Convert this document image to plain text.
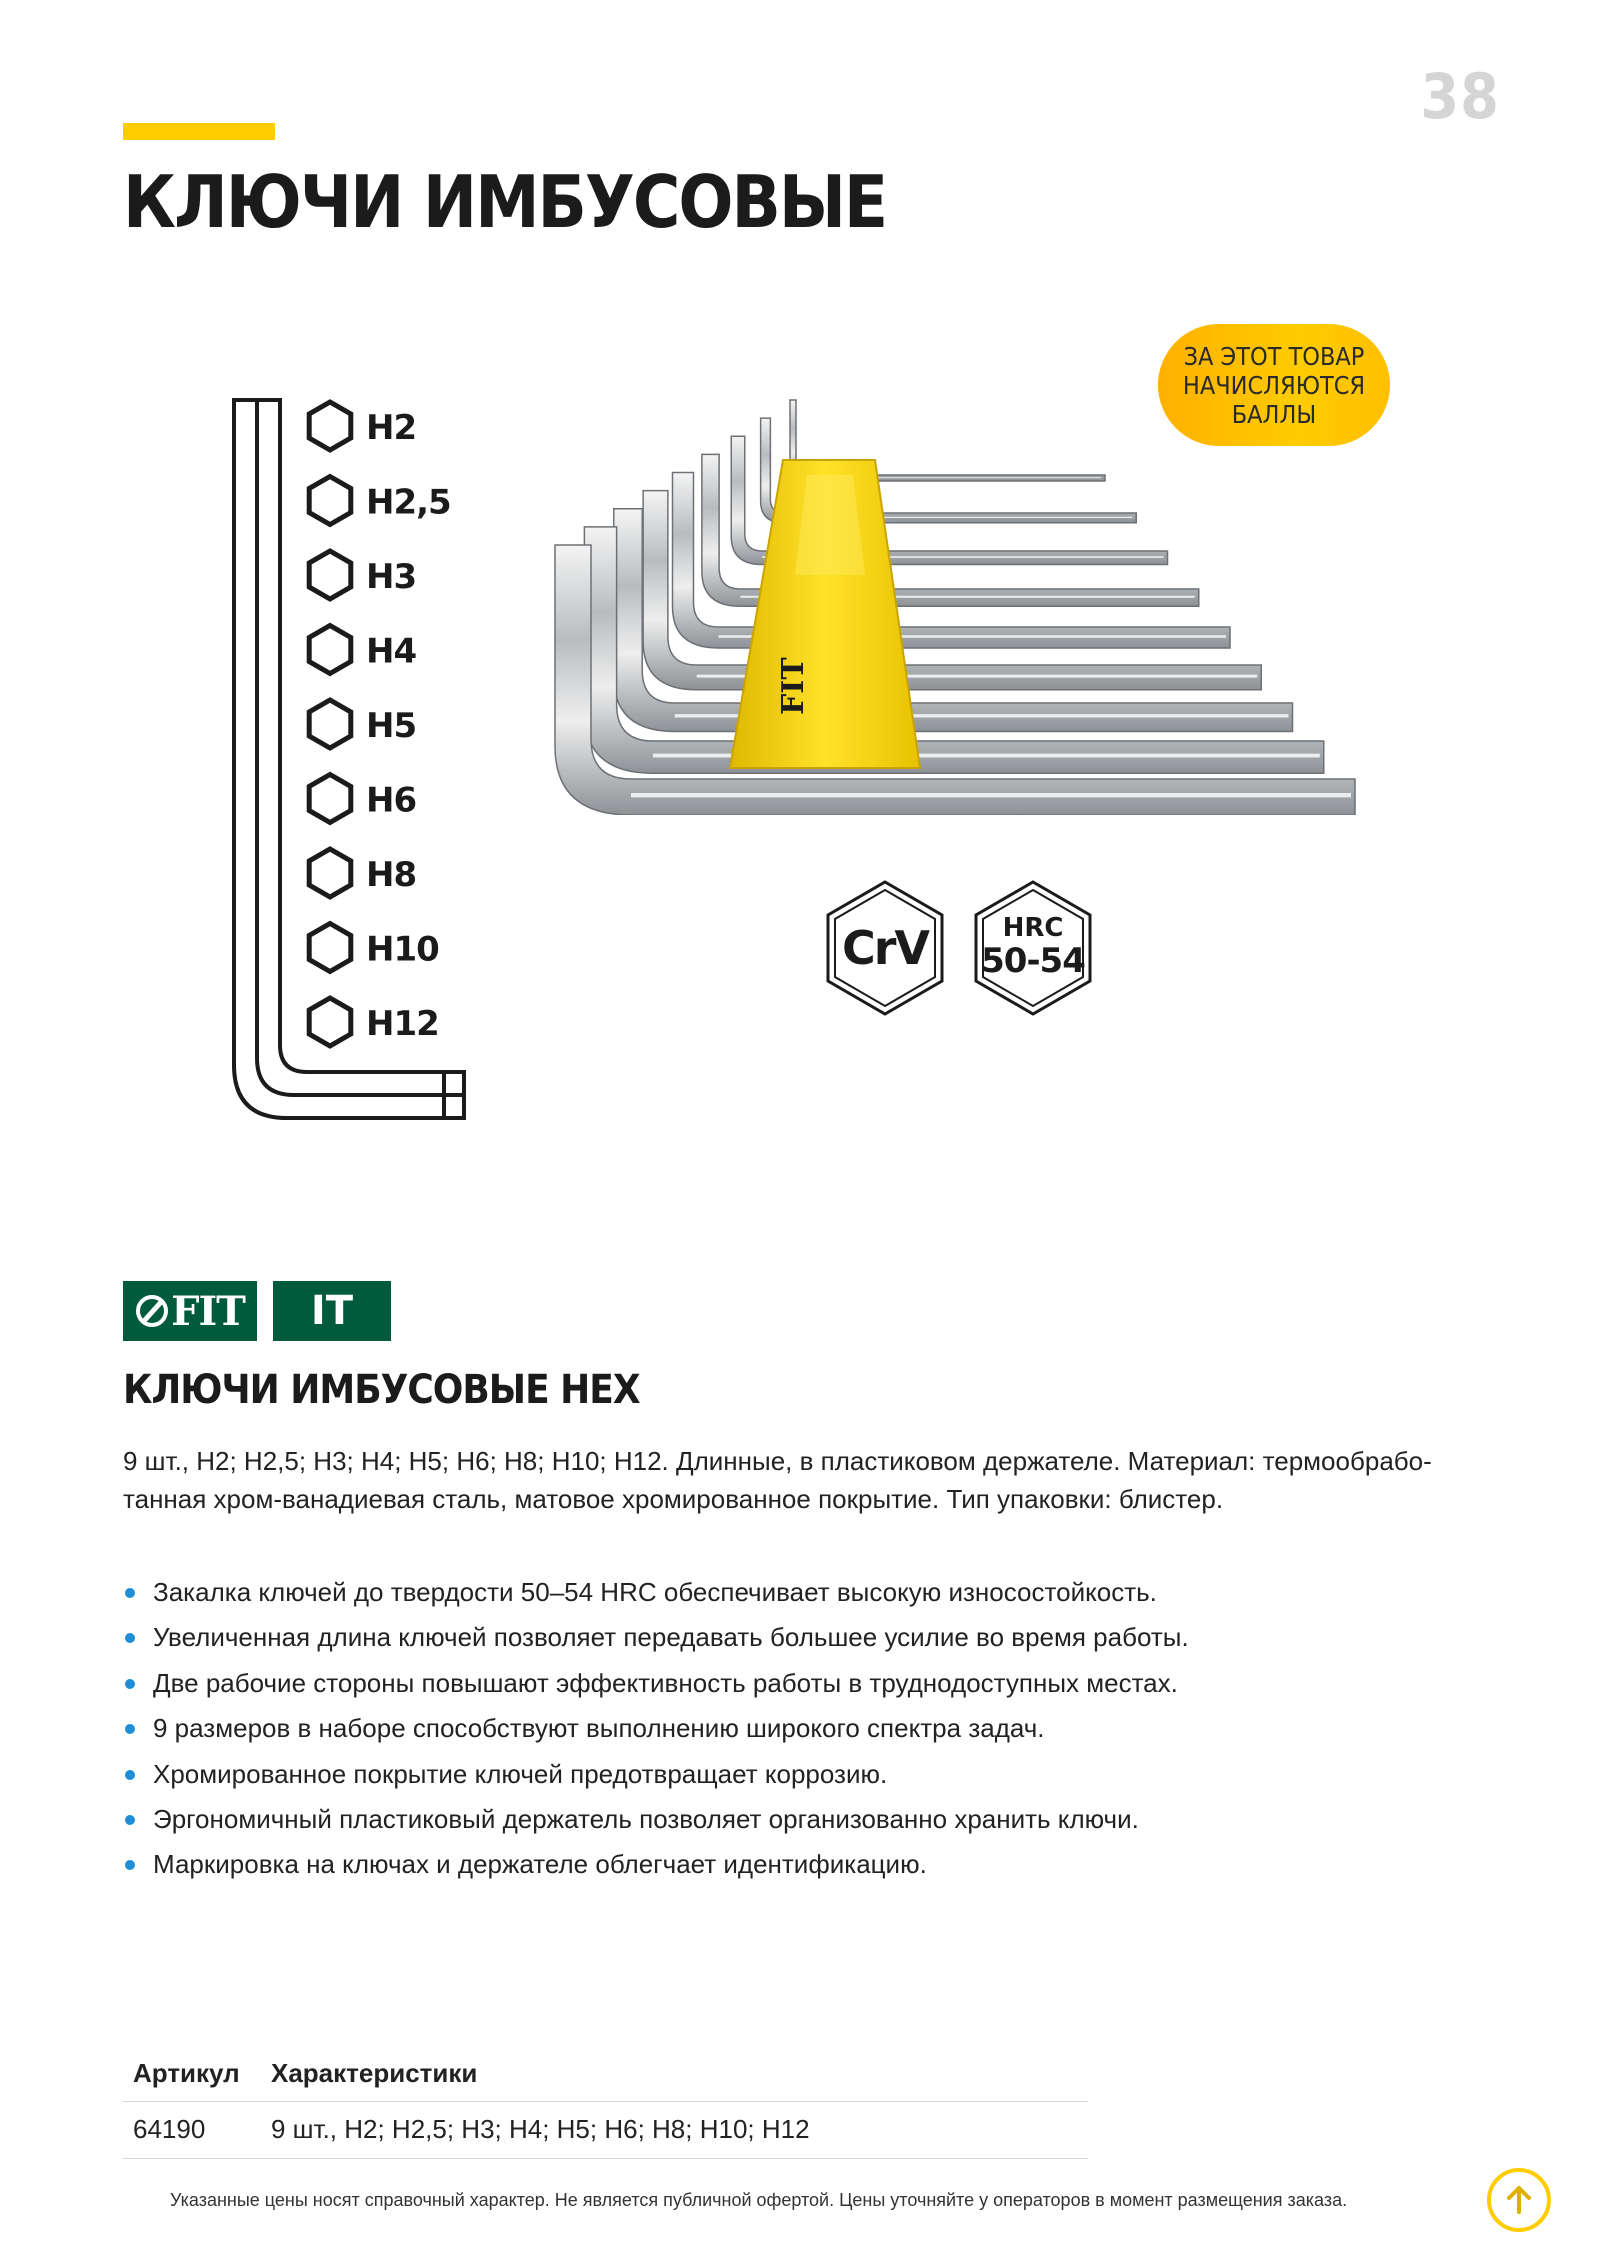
38
КЛЮЧИ ИМБУСОВЫЕ
ЗА ЭТОТ ТОВАР
НАЧИСЛЯЮТСЯ
БАЛЛЫ
H2
H2,5
H3
H4
H5
H6
H8
H10
H12
FIT
CrV	HRC
50-54
FIT	IT
КЛЮЧИ ИМБУСОВЫЕ HEX
9 шт., H2; H2,5; H3; H4; H5; H6; H8; H10; H12. Длинные, в пластиковом держателе. Материал: термообрабо-
танная хром-ванадиевая сталь, матовое хромированное покрытие. Тип упаковки: блистер.
Закалка ключей до твердости 50–54 HRC обеспечивает высокую износостойкость.
Увеличенная длина ключей позволяет передавать большее усилие во время работы.
Две рабочие стороны повышают эффективность работы в труднодоступных местах.
9 размеров в наборе способствуют выполнению широкого спектра задач.
Хромированное покрытие ключей предотвращает коррозию.
Эргономичный пластиковый держатель позволяет организованно хранить ключи.
Маркировка на ключах и держателе облегчает идентификацию.
Артикул	Характеристики
64190	9 шт., H2; H2,5; H3; H4; H5; H6; H8; H10; H12
Указанные цены носят справочный характер. Не является публичной офертой. Цены уточняйте у операторов в момент размещения заказа.
